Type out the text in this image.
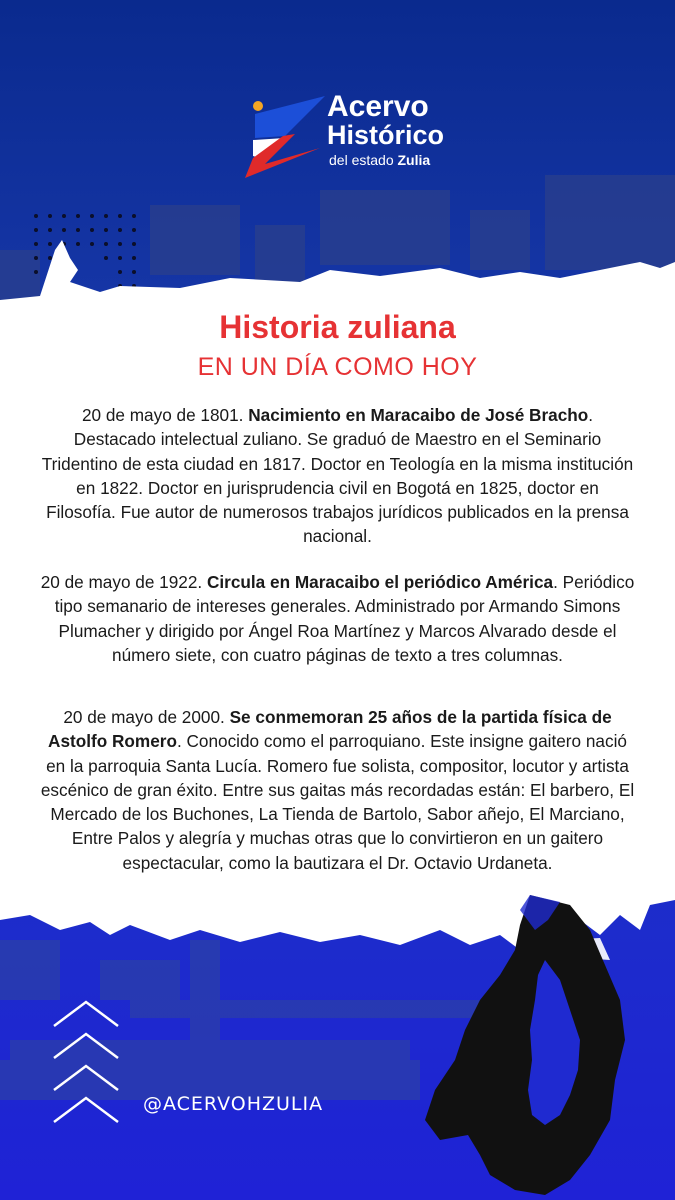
Acervo
Histórico
del estado Zulia
Historia zuliana
EN UN DÍA COMO HOY
20 de mayo de 1801. Nacimiento en Maracaibo de José Bracho. Destacado intelectual zuliano. Se graduó de Maestro en el Seminario Tridentino de esta ciudad en 1817. Doctor en Teología en la misma institución en 1822. Doctor en jurisprudencia civil en Bogotá en 1825, doctor en Filosofía. Fue autor de numerosos trabajos jurídicos publicados en la prensa nacional.
20 de mayo de 1922. Circula en Maracaibo el periódico América. Periódico tipo semanario de intereses generales. Administrado por Armando Simons Plumacher y dirigido por Ángel Roa Martínez y Marcos Alvarado desde el número siete, con cuatro páginas de texto a tres columnas.
20 de mayo de 2000. Se conmemoran 25 años de la partida física de Astolfo Romero. Conocido como el parroquiano. Este insigne gaitero nació en la parroquia Santa Lucía. Romero fue solista, compositor, locutor y artista escénico de gran éxito. Entre sus gaitas más recordadas están: El barbero, El Mercado de los Buchones, La Tienda de Bartolo, Sabor añejo, El Marciano, Entre Palos y alegría y muchas otras que lo convirtieron en un gaitero espectacular, como la bautizara el Dr. Octavio Urdaneta.
@ACERVOHZULIA
